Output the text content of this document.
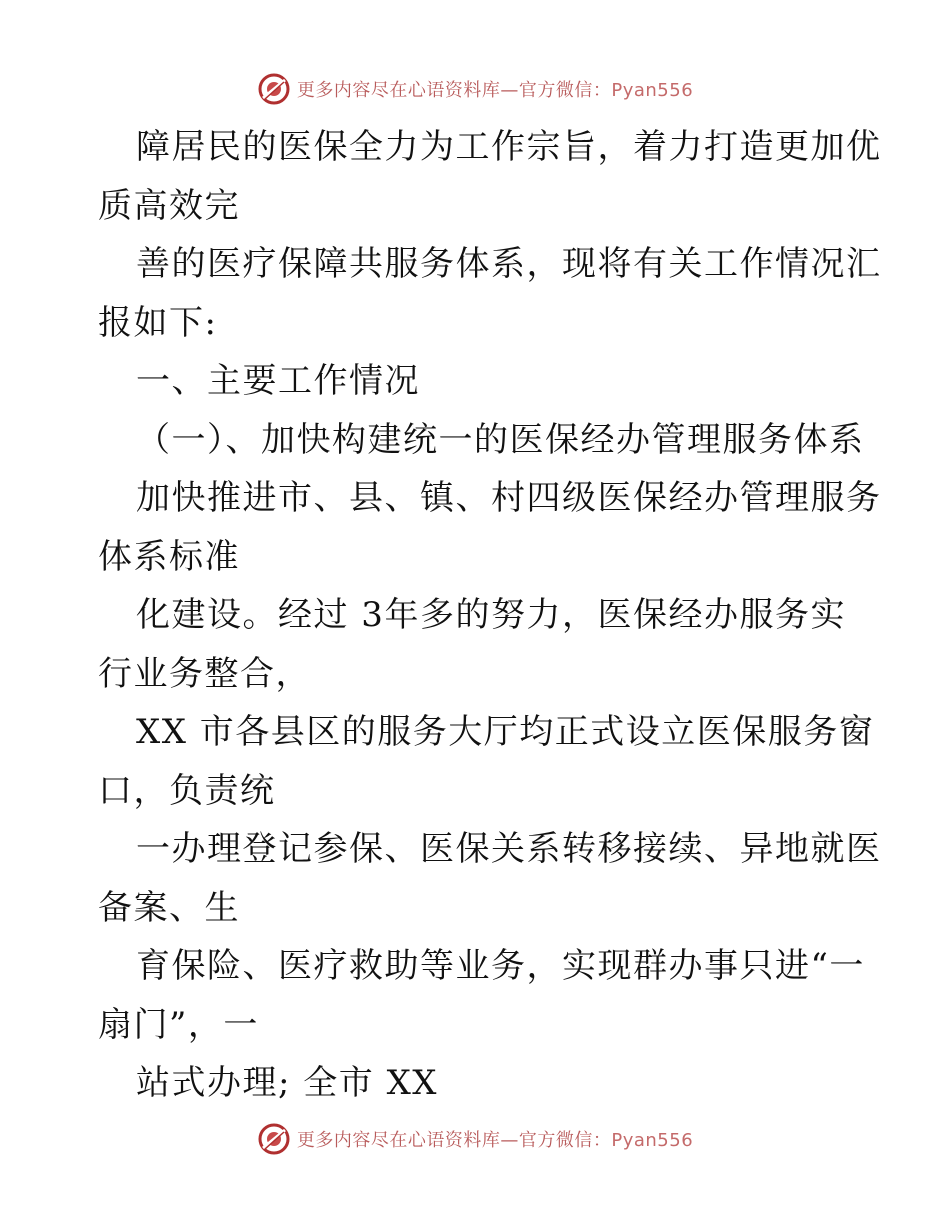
更多内容尽在心语资料库—官方微信：Pyan556
障居民的医保全力为工作宗旨，着力打造更加优
质高效完
善的医疗保障共服务体系，现将有关工作情况汇
报如下:
一、主要工作情况
（一）、加快构建统一的医保经办管理服务体系
加快推进市、县、镇、村四级医保经办管理服务
体系标准
化建设。经过 3年多的努力，医保经办服务实
行业务整合，
XX 市各县区的服务大厅均正式设立医保服务窗
口，负责统
一办理登记参保、医保关系转移接续、异地就医
备案、生
育保险、医疗救助等业务，实现群办事只进“一
扇门”，一
站式办理; 全市 XX
更多内容尽在心语资料库—官方微信：Pyan556
